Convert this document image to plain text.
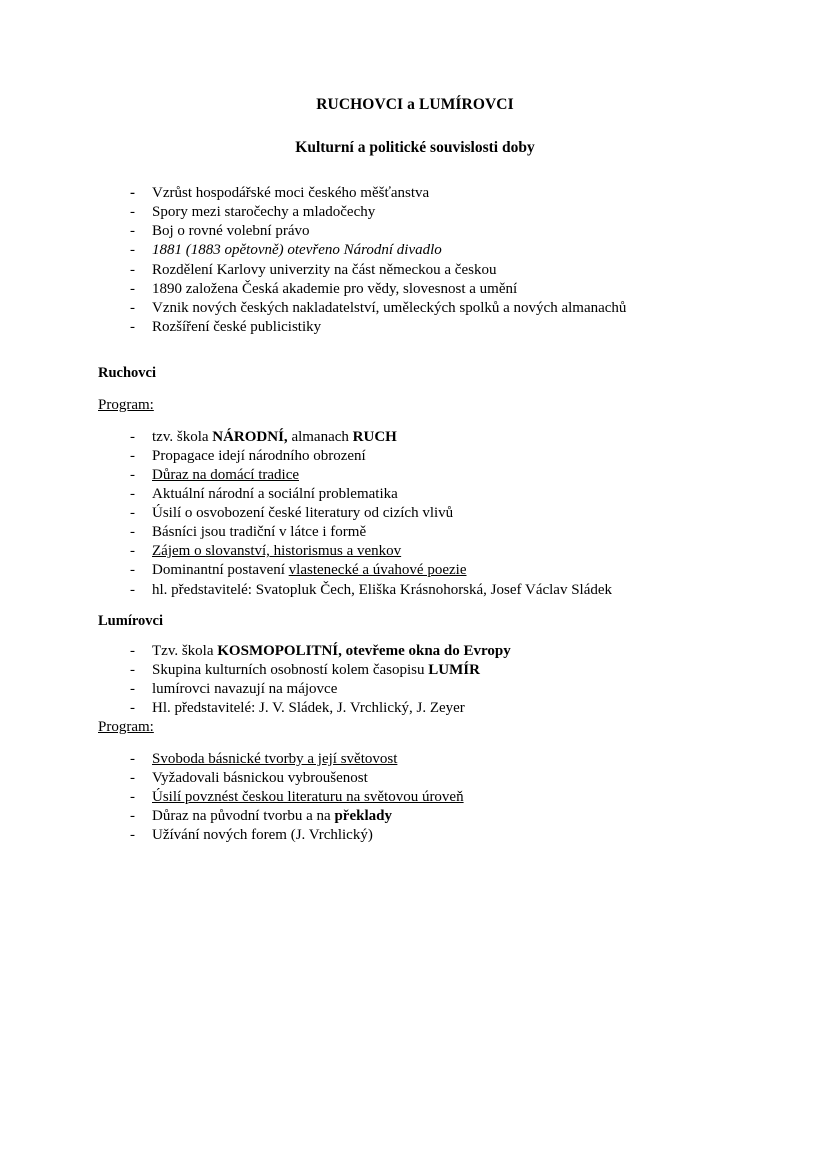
RUCHOVCI a LUMÍROVCI
Kulturní a politické souvislosti doby
- Vzrůst hospodářské moci českého měšťanstva
- Spory mezi staročechy a mladočechy
- Boj o rovné volební právo
- 1881 (1883 opětovně) otevřeno Národní divadlo
- Rozdělení Karlovy univerzity na část německou a českou
- 1890 založena Česká akademie pro vědy, slovesnost a umění
- Vznik nových českých nakladatelství, uměleckých spolků a nových almanachů
- Rozšíření české publicistiky
Ruchovci
Program:
- tzv. škola NÁRODNÍ, almanach RUCH
- Propagace idejí národního obrození
- Důraz na domácí tradice
- Aktuální národní a sociální problematika
- Úsilí o osvobození české literatury od cizích vlivů
- Básníci jsou tradiční v látce i formě
- Zájem o slovanství, historismus a venkov
- Dominantní postavení vlastenecké a úvahové poezie
- hl. představitelé: Svatopluk Čech, Eliška Krásnohorská, Josef Václav Sládek
Lumírovci
- Tzv. škola KOSMOPOLITNÍ, otevřeme okna do Evropy
- Skupina kulturních osobností kolem časopisu LUMÍR
- lumírovci navazují na májovce
- Hl. představitelé: J. V. Sládek, J. Vrchlický, J. Zeyer
Program:
- Svoboda básnické tvorby a její světovost
- Vyžadovali básnickou vybroušenost
- Úsilí povznést českou literaturu na světovou úroveň
- Důraz na původní tvorbu a na překlady
- Užívání nových forem (J. Vrchlický)
